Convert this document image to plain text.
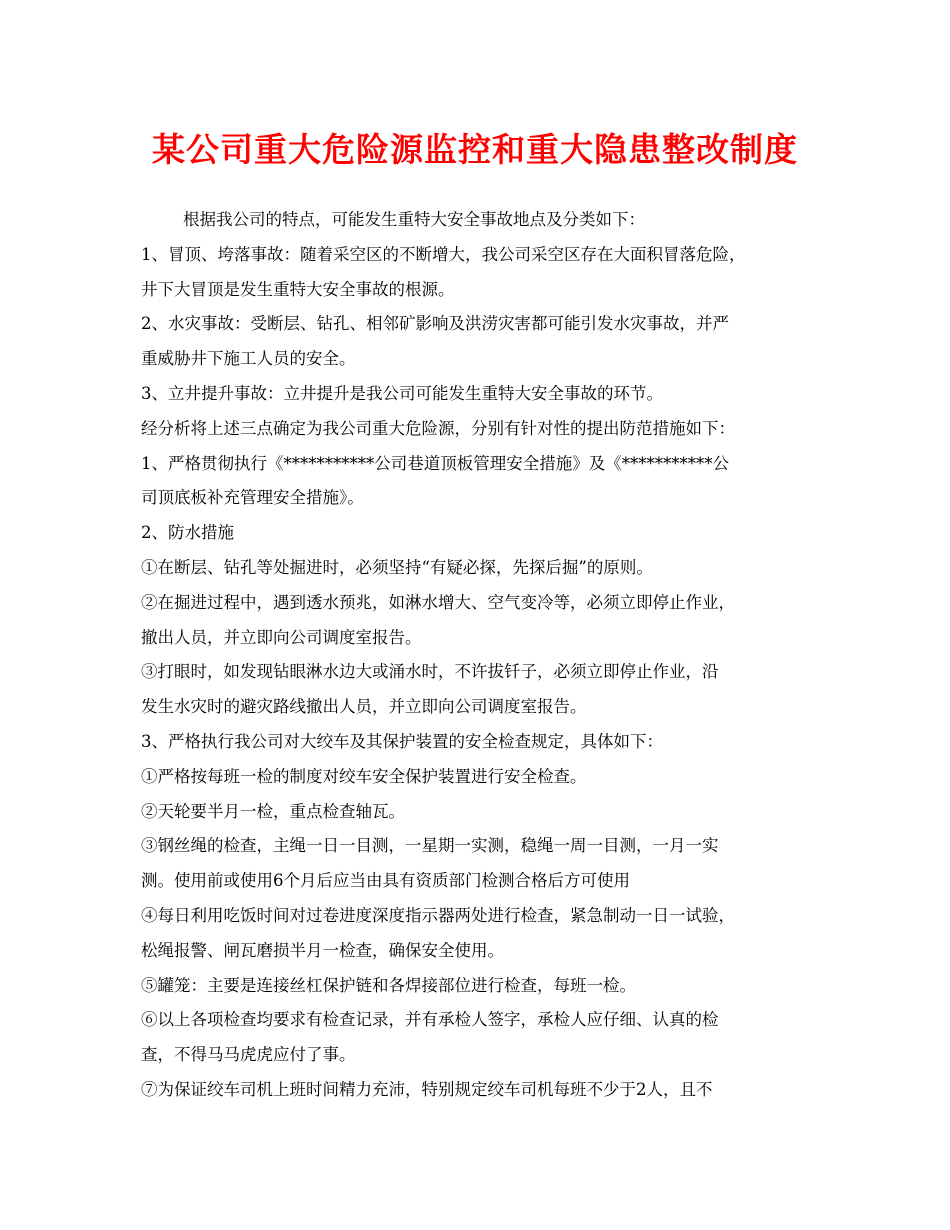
某公司重大危险源监控和重大隐患整改制度
根据我公司的特点，可能发生重特大安全事故地点及分类如下：
1、冒顶、垮落事故：随着采空区的不断增大，我公司采空区存在大面积冒落危险，
井下大冒顶是发生重特大安全事故的根源。
2、水灾事故：受断层、钻孔、相邻矿影响及洪涝灾害都可能引发水灾事故，并严
重威胁井下施工人员的安全。
3、立井提升事故：立井提升是我公司可能发生重特大安全事故的环节。
经分析将上述三点确定为我公司重大危险源，分别有针对性的提出防范措施如下：
1、严格贯彻执行《***********公司巷道顶板管理安全措施》及《***********公
司顶底板补充管理安全措施》。
2、防水措施
①在断层、钻孔等处掘进时，必须坚持“有疑必探，先探后掘”的原则。
②在掘进过程中，遇到透水预兆，如淋水增大、空气变冷等，必须立即停止作业，
撤出人员，并立即向公司调度室报告。
③打眼时，如发现钻眼淋水边大或涌水时，不许拔钎子，必须立即停止作业，沿
发生水灾时的避灾路线撤出人员，并立即向公司调度室报告。
3、严格执行我公司对大绞车及其保护装置的安全检查规定，具体如下：
①严格按每班一检的制度对绞车安全保护装置进行安全检查。
②天轮要半月一检，重点检查轴瓦。
③钢丝绳的检查，主绳一日一目测，一星期一实测，稳绳一周一目测，一月一实
测。使用前或使用6个月后应当由具有资质部门检测合格后方可使用
④每日利用吃饭时间对过卷进度深度指示器两处进行检查，紧急制动一日一试验，
松绳报警、闸瓦磨损半月一检查，确保安全使用。
⑤罐笼：主要是连接丝杠保护链和各焊接部位进行检查，每班一检。
⑥以上各项检查均要求有检查记录，并有承检人签字，承检人应仔细、认真的检
查，不得马马虎虎应付了事。
⑦为保证绞车司机上班时间精力充沛，特别规定绞车司机每班不少于2人，且不
